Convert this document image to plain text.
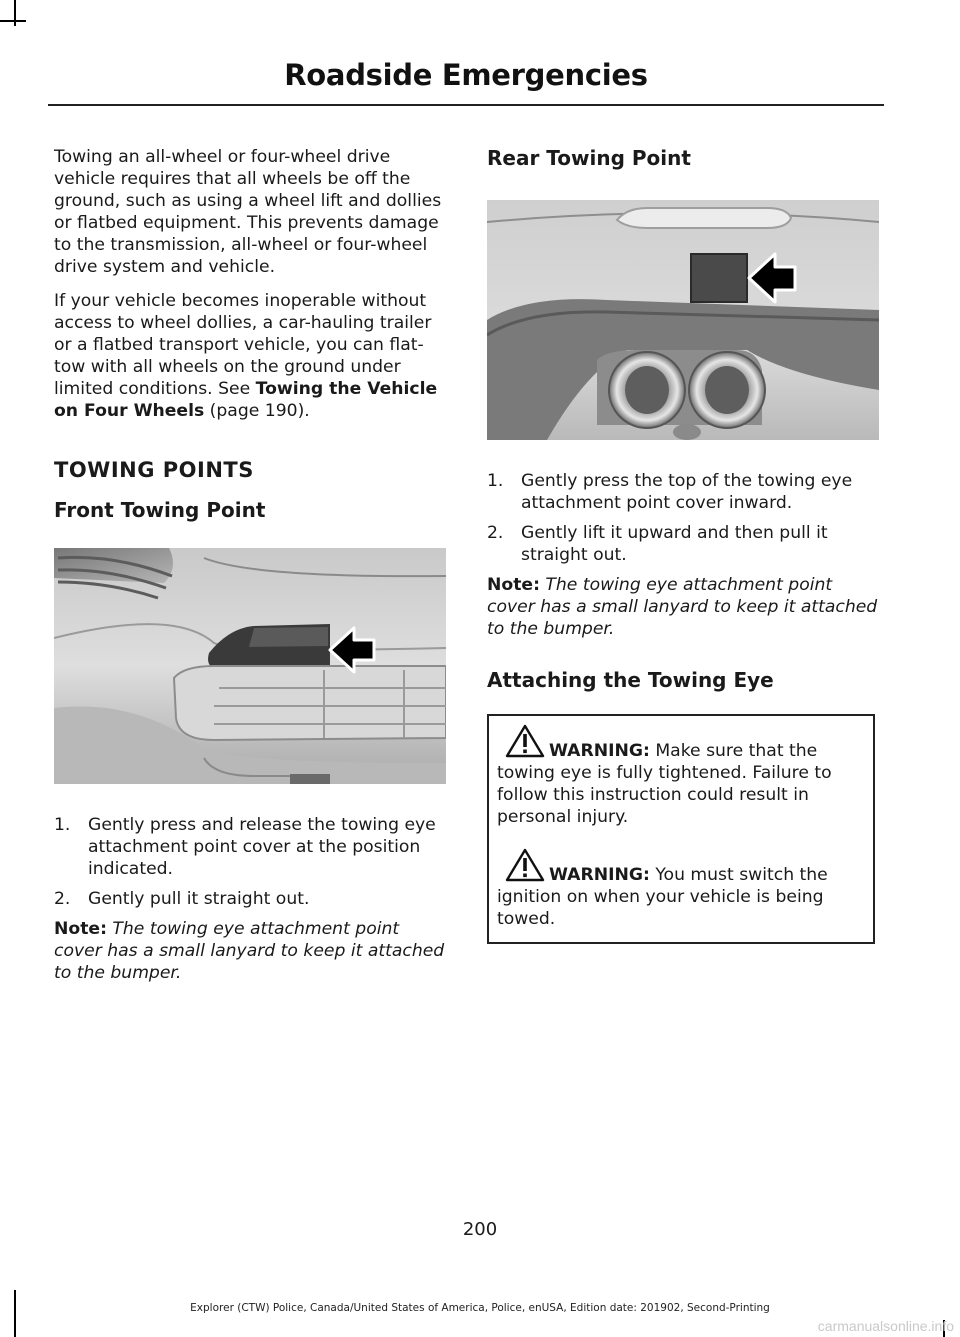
Roadside Emergencies

Towing an all-wheel or four-wheel drive vehicle requires that all wheels be off the ground, such as using a wheel lift and dollies or flatbed equipment. This prevents damage to the transmission, all-wheel or four-wheel drive system and vehicle.

If your vehicle becomes inoperable without access to wheel dollies, a car-hauling trailer or a flatbed transport vehicle, you can flat-tow with all wheels on the ground under limited conditions. See Towing the Vehicle on Four Wheels (page 190).

TOWING POINTS
Front Towing Point
1.	Gently press and release the towing eye attachment point cover at the position indicated.
2.	Gently pull it straight out.

Note: The towing eye attachment point cover has a small lanyard to keep it attached to the bumper.

Rear Towing Point
1.	Gently press the top of the towing eye attachment point cover inward.
2.	Gently lift it upward and then pull it straight out.

Note: The towing eye attachment point cover has a small lanyard to keep it attached to the bumper.

Attaching the Towing Eye

WARNING: Make sure that the towing eye is fully tightened. Failure to follow this instruction could result in personal injury.

WARNING: You must switch the ignition on when your vehicle is being towed.

200
Explorer (CTW) Police, Canada/United States of America, Police, enUSA, Edition date: 201902, Second-Printing
carmanualsonline.info
